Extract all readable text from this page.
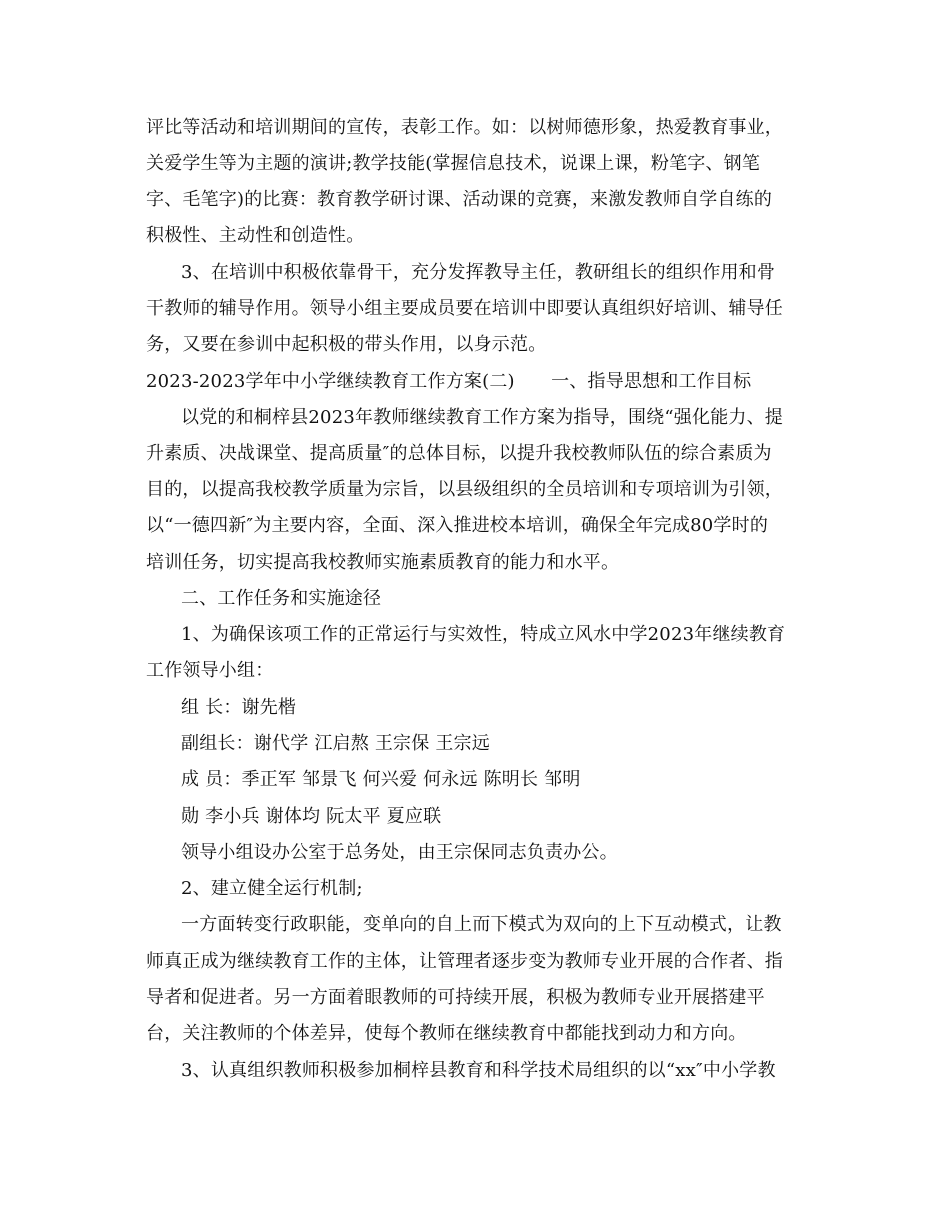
评比等活动和培训期间的宣传，表彰工作。如：以树师德形象，热爱教育事业，
关爱学生等为主题的演讲;教学技能(掌握信息技术，说课上课，粉笔字、钢笔
字、毛笔字)的比赛：教育教学研讨课、活动课的竞赛，来激发教师自学自练的
积极性、主动性和创造性。
3、在培训中积极依靠骨干，充分发挥教导主任，教研组长的组织作用和骨
干教师的辅导作用。领导小组主要成员要在培训中即要认真组织好培训、辅导任
务，又要在参训中起积极的带头作用，以身示范。
2023-2023学年中小学继续教育工作方案(二)　　一、指导思想和工作目标
以党的和桐梓县2023年教师继续教育工作方案为指导，围绕“强化能力、提
升素质、决战课堂、提高质量″的总体目标，以提升我校教师队伍的综合素质为
目的，以提高我校教学质量为宗旨，以县级组织的全员培训和专项培训为引领，
以“一德四新″为主要内容，全面、深入推进校本培训，确保全年完成80学时的
培训任务，切实提高我校教师实施素质教育的能力和水平。
二、工作任务和实施途径
1、为确保该项工作的正常运行与实效性，特成立风水中学2023年继续教育
工作领导小组：
组 长：谢先楷
副组长：谢代学 江启熬 王宗保 王宗远
成 员：季正军 邹景飞 何兴爱 何永远 陈明长 邹明
勋 李小兵 谢体均 阮太平 夏应联
领导小组设办公室于总务处，由王宗保同志负责办公。
2、建立健全运行机制;
一方面转变行政职能，变单向的自上而下模式为双向的上下互动模式，让教
师真正成为继续教育工作的主体，让管理者逐步变为教师专业开展的合作者、指
导者和促进者。另一方面着眼教师的可持续开展，积极为教师专业开展搭建平
台，关注教师的个体差异，使每个教师在继续教育中都能找到动力和方向。
3、认真组织教师积极参加桐梓县教育和科学技术局组织的以“xx″中小学教
